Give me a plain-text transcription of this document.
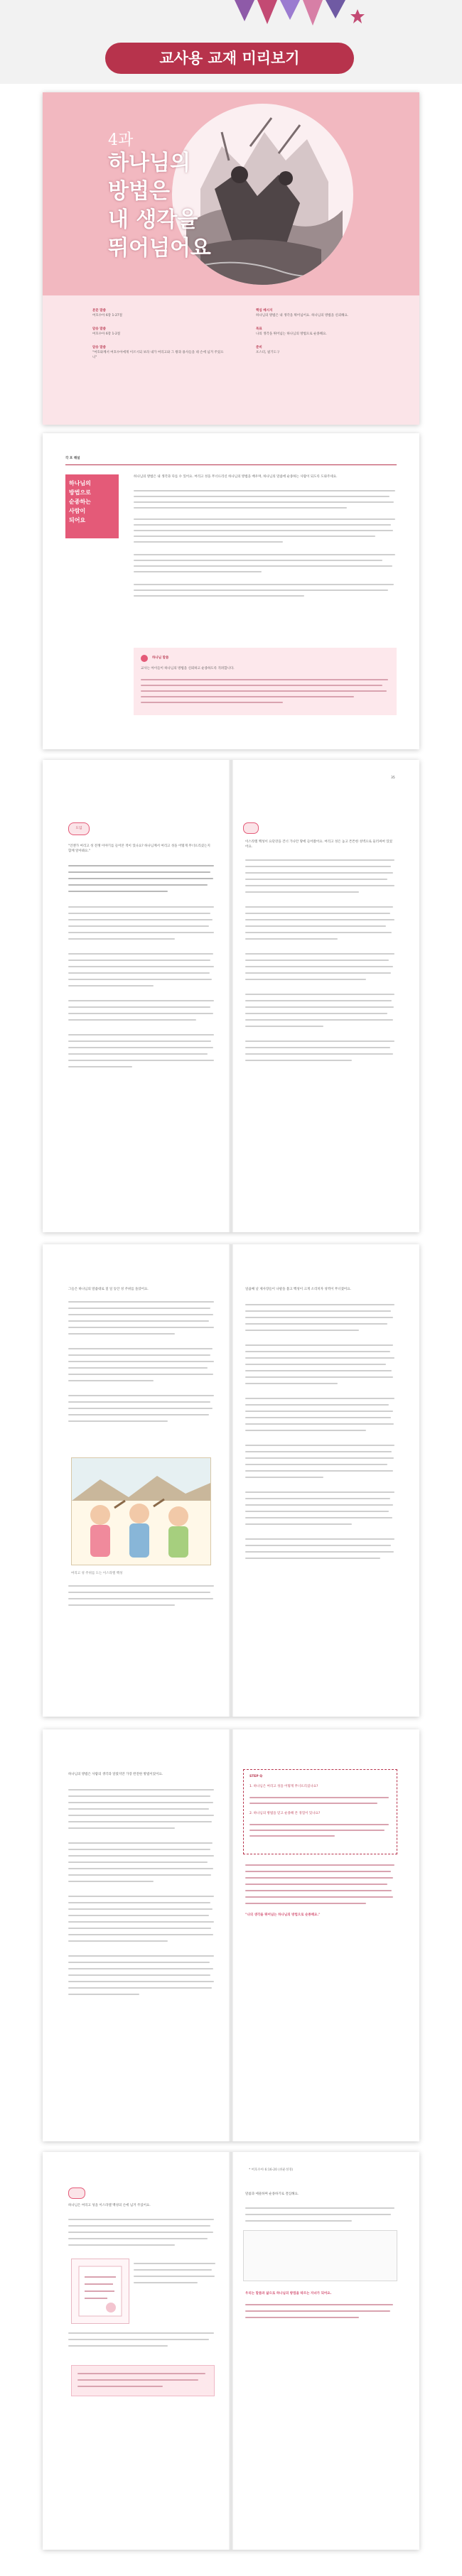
교사용 교재 미리보기
4과
하나님의
방법은
내 생각을
뛰어넘어요
본문 말씀
여호수아 6장 1-27절
암송 말씀
여호수아 6장 1-2절
암송 말씀
"여호와께서 여호수아에게 이르시되 보라 내가 여리고와 그 왕과 용사들을 네 손에 넘겨 주었으니"
핵심 메시지
하나님의 방법은 내 생각을 뛰어넘어요. 하나님의 방법을 신뢰해요.
목표
나의 생각을 뛰어넘는 하나님의 방법으로 순종해요.
준비
포스터, 필기도구
각 포 해설
하나님의
방법으로
순종하는
사람이
되어요
하나님의 방법은 내 생각과 다를 수 있어요. 여리고 성을 무너뜨리신 하나님의 방법을 배우며, 하나님의 말씀에 순종하는 사람이 되도록 도와주세요.
하나님 말씀
교사는 아이들이 하나님의 방법을 신뢰하고 순종하도록 격려합니다.
35
도입
"언젠가 여리고 성 전쟁 이야기를 들어본 적이 있나요? 하나님께서 여리고 성을 어떻게 무너뜨리셨는지 함께 알아봐요."
이스라엘 백성이 요단강을 건너 가나안 땅에 들어왔어요. 여리고 성은 높고 튼튼한 성벽으로 둘러싸여 있었어요.
그들은 하나님의 말씀대로 칠 일 동안 성 주위를 돌았어요.
여리고 성 주위를 도는 이스라엘 백성
일곱째 날 제사장들이 나팔을 불고 백성이 크게 소리치자 성벽이 무너졌어요.
하나님의 방법은 사람의 생각과 달랐지만 가장 완전한 방법이었어요.
STEP Q
1. 하나님은 여리고 성을 어떻게 무너뜨리셨나요?
2. 하나님의 방법을 믿고 순종해 본 경험이 있나요?
"나의 생각을 뛰어넘는 하나님의 방법으로 순종해요."
* 여호수아 6:16-20 (쉬운성경)
하나님은 여리고 성을 이스라엘 백성의 손에 넘겨 주셨어요.
말씀과 예물하며 순종하기로 결심해요.
우리는 말씀과 삶으로 하나님의 방법을 따르는 자녀가 되어요.
